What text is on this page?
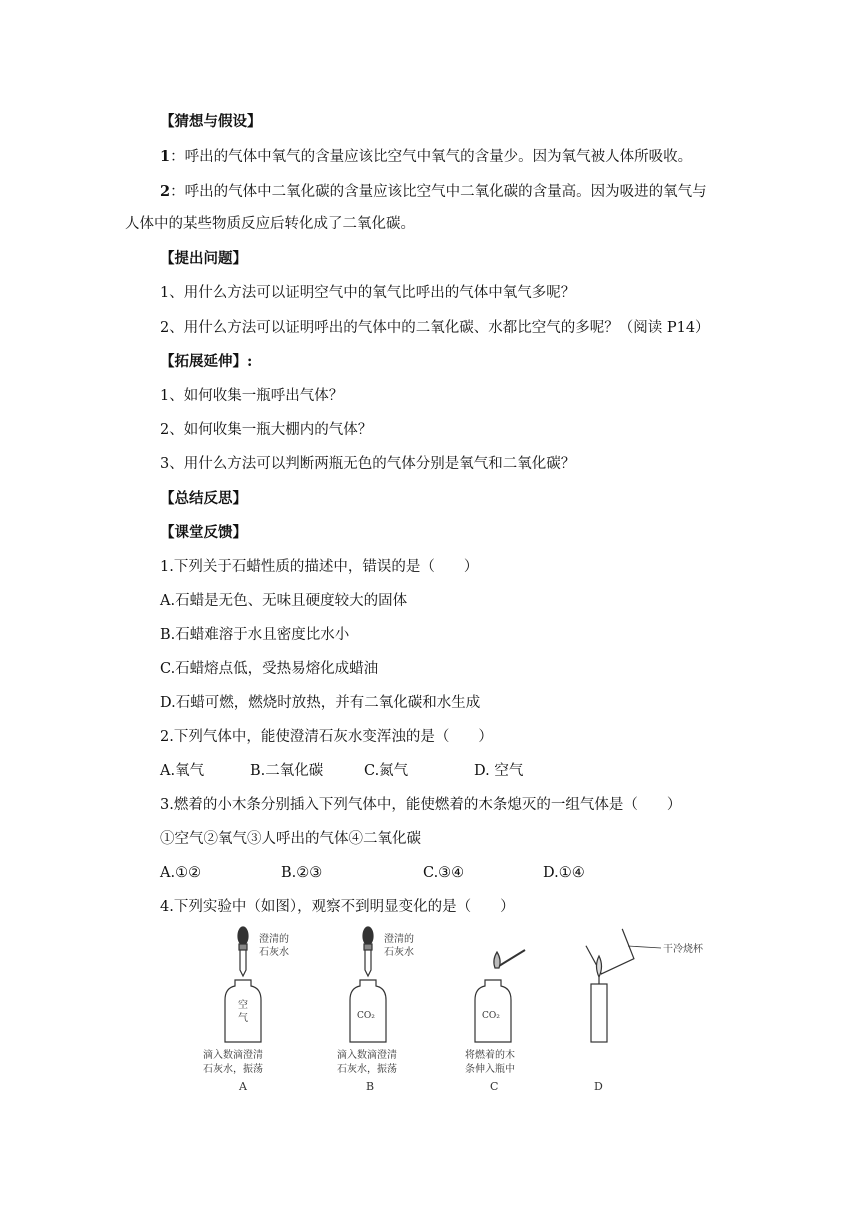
【猜想与假设】
1：呼出的气体中氧气的含量应该比空气中氧气的含量少。因为氧气被人体所吸收。
2：呼出的气体中二氧化碳的含量应该比空气中二氧化碳的含量高。因为吸进的氧气与
人体中的某些物质反应后转化成了二氧化碳。
【提出问题】
1、用什么方法可以证明空气中的氧气比呼出的气体中氧气多呢？
2、用什么方法可以证明呼出的气体中的二氧化碳、水都比空气的多呢？（阅读 P14）
【拓展延伸】:
1、如何收集一瓶呼出气体？
2、如何收集一瓶大棚内的气体？
3、用什么方法可以判断两瓶无色的气体分别是氧气和二氧化碳？
【总结反思】
【课堂反馈】
1.下列关于石蜡性质的描述中，错误的是（　　）
A.石蜡是无色、无味且硬度较大的固体
B.石蜡难溶于水且密度比水小
C.石蜡熔点低，受热易熔化成蜡油
D.石蜡可燃，燃烧时放热，并有二氧化碳和水生成
2.下列气体中，能使澄清石灰水变浑浊的是（　　）
A.氧气	B.二氧化碳	C.氮气	D. 空气
3.燃着的小木条分别插入下列气体中，能使燃着的木条熄灭的一组气体是（　　）
①空气②氧气③人呼出的气体④二氧化碳
A.①②	B.②③	C.③④	D.①④
4.下列实验中（如图），观察不到明显变化的是（　　）
澄清的
石灰水
空
气
滴入数滴澄清
石灰水，振荡
A
澄清的
石灰水
CO₂
滴入数滴澄清
石灰水，振荡
B
CO₂
将燃着的木
条伸入瓶中
C
干冷烧杯
D
